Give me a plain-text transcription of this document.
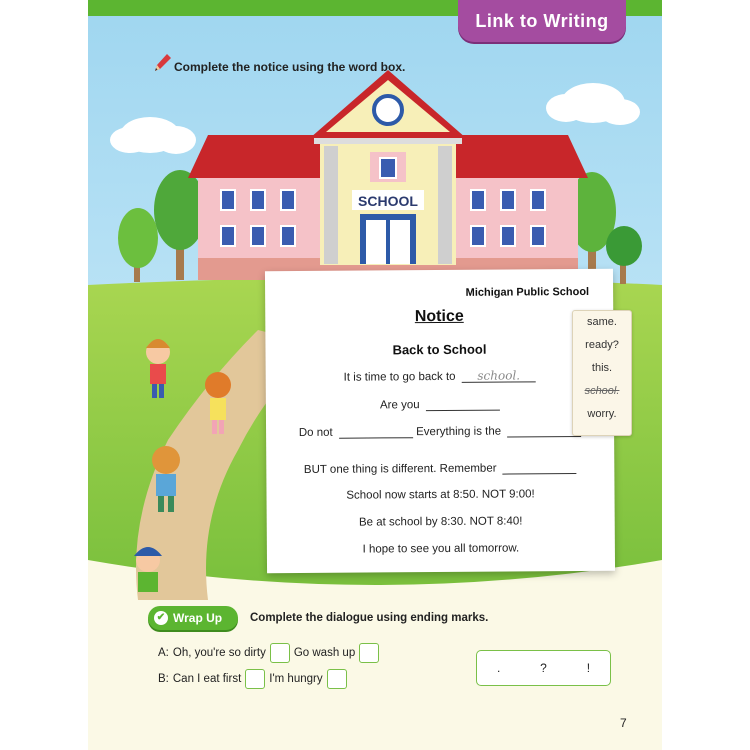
SCHOOL
Link to Writing
Complete the notice using the word box.
Michigan Public School
Notice
Back to School
It is time to go back to school.
Are you
Do not	Everything is the
BUT one thing is different. Remember
School now starts at 8:50. NOT 9:00!
Be at school by 8:30. NOT 8:40!
I hope to see you all tomorrow.
same.
ready?
this.
school.
worry.
✔ Wrap Up Complete the dialogue using ending marks.
A: Oh, you're so dirty Go wash up
B: Can I eat first I'm hungry
.	?	!
7
